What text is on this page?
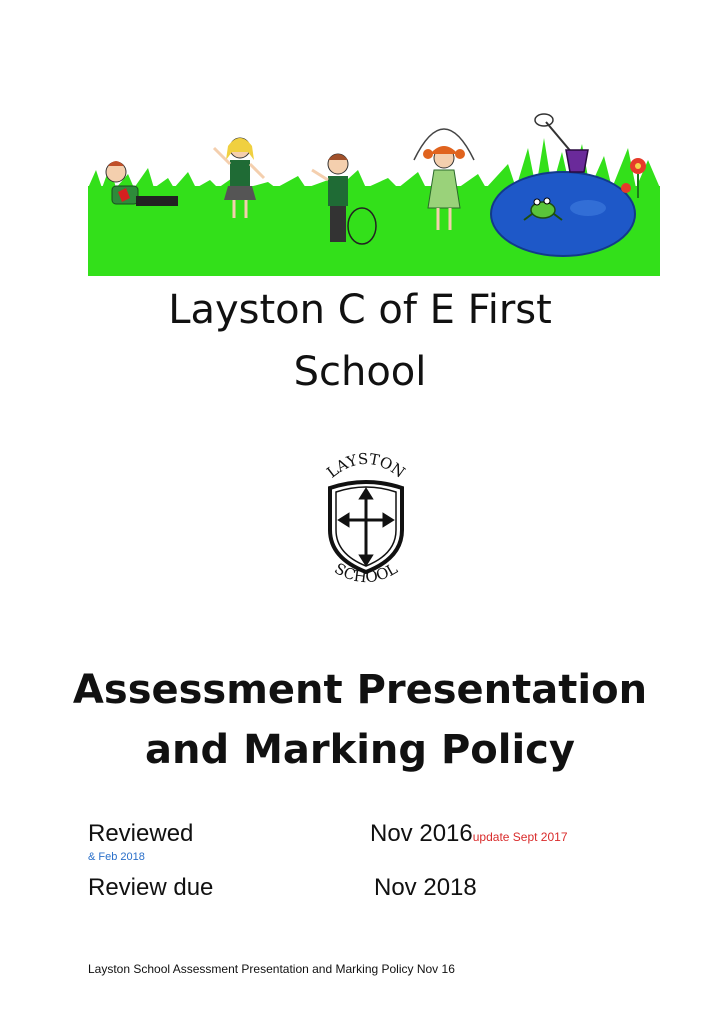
Layston C of E First
School
LAYSTON
SCHOOL
Assessment Presentation
and Marking Policy
Reviewed	Nov 2016update Sept 2017
& Feb 2018
Review due	Nov 2018
Layston School Assessment Presentation and Marking Policy Nov 16
